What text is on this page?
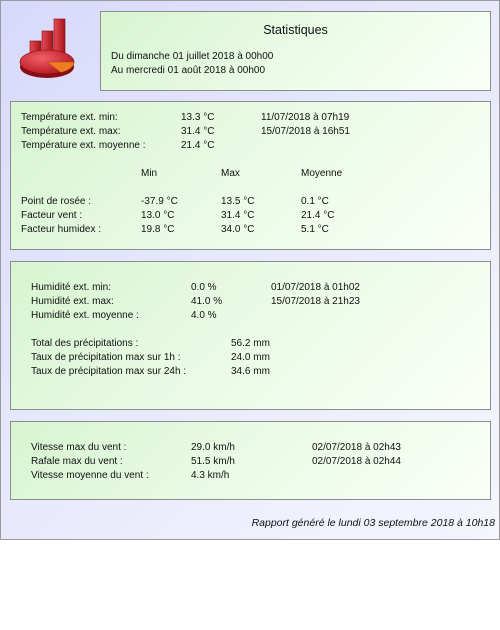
Statistiques
Du dimanche 01 juillet 2018 à 00h00
Au mercredi 01 août 2018 à 00h00
Température ext. min:	13.3 °C	11/07/2018 à 07h19
Température ext. max:	31.4 °C	15/07/2018 à 16h51
Température ext. moyenne :	21.4 °C
Min	Max	Moyenne
Point de rosée :	-37.9 °C	13.5 °C	0.1 °C
Facteur vent :	13.0 °C	31.4 °C	21.4 °C
Facteur humidex :	19.8 °C	34.0 °C	5.1 °C
Humidité ext. min:	0.0 %	01/07/2018 à 01h02
Humidité ext. max:	41.0 %	15/07/2018 à 21h23
Humidité ext. moyenne :	4.0 %
Total des précipitations :	56.2 mm
Taux de précipitation max sur 1h :	24.0 mm
Taux de précipitation max sur 24h :	34.6 mm
Vitesse max du vent :	29.0 km/h	02/07/2018 à 02h43
Rafale max du vent :	51.5 km/h	02/07/2018 à 02h44
Vitesse moyenne du vent :	4.3 km/h
Rapport généré le lundi 03 septembre 2018 à 10h18
